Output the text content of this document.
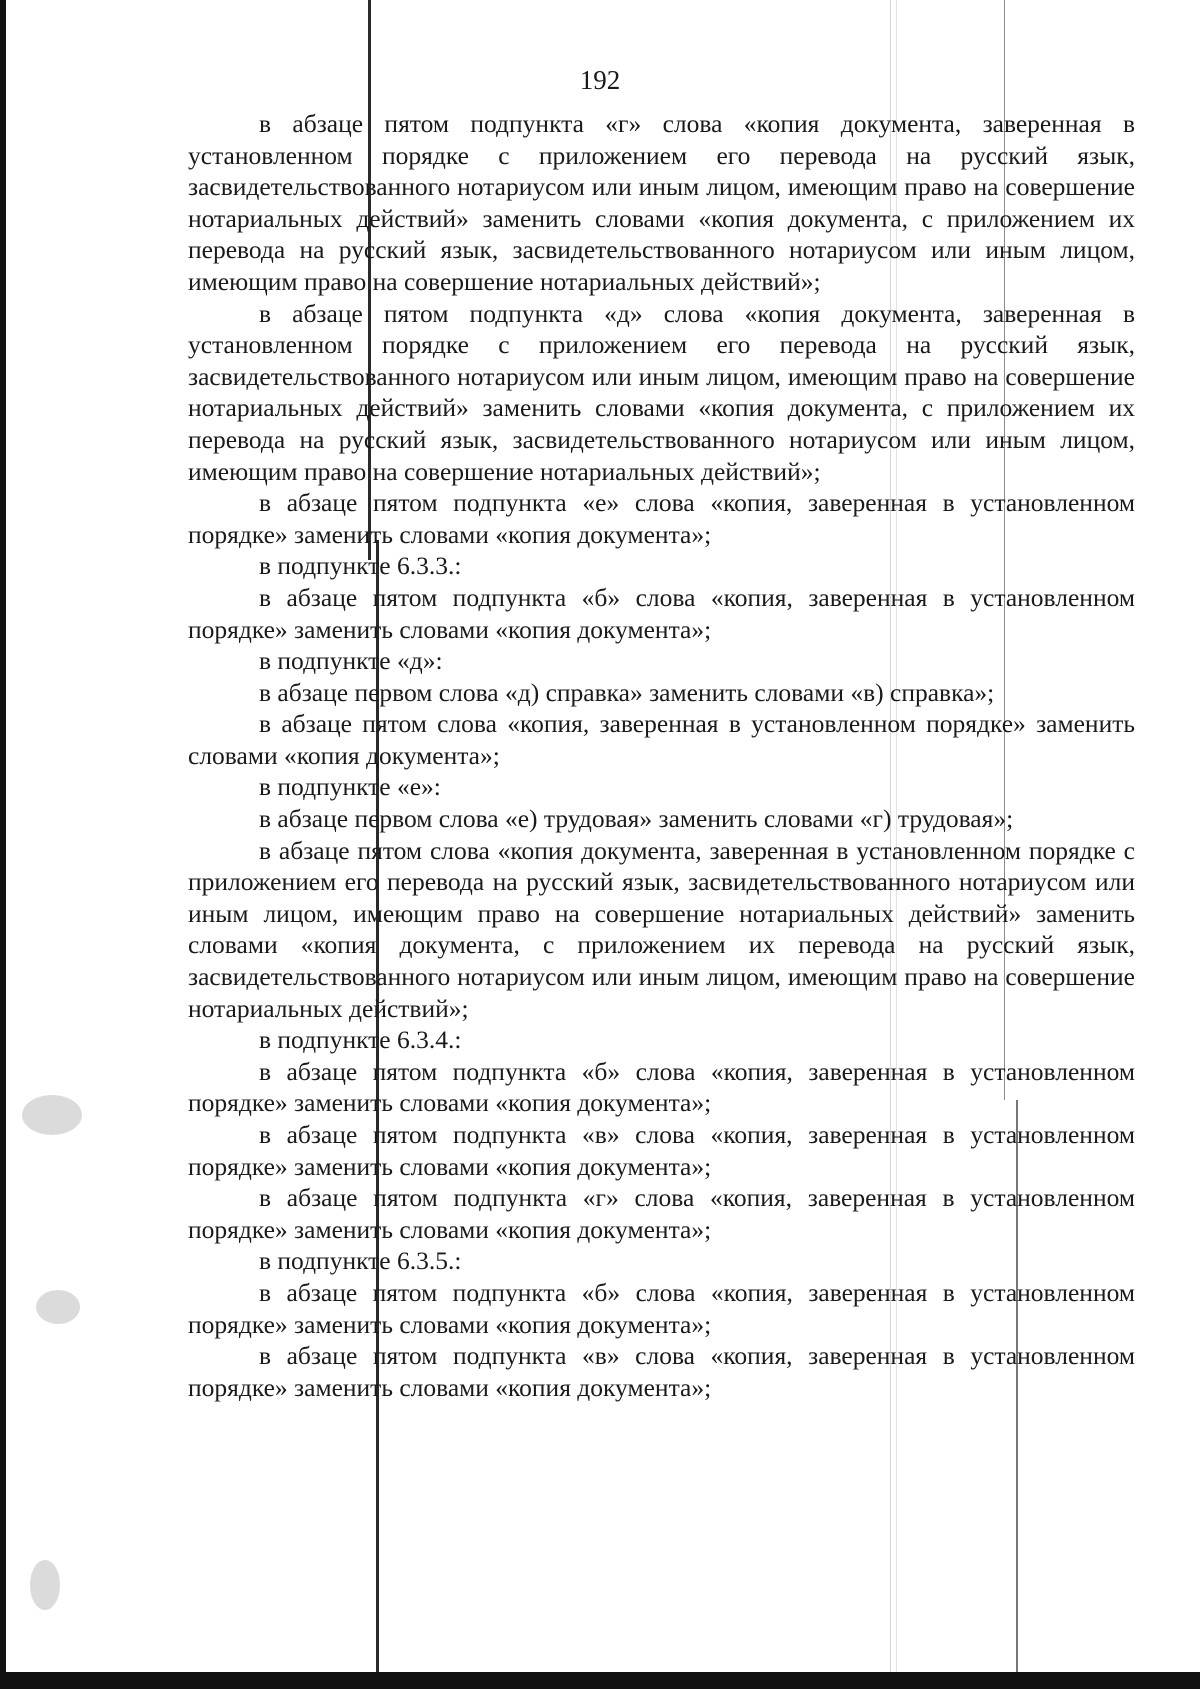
192

в абзаце пятом подпункта «г» слова «копия документа, заверенная в установленном порядке с приложением его перевода на русский язык, засвидетельствованного нотариусом или иным лицом, имеющим право на совершение нотариальных действий» заменить словами «копия документа, с приложением их перевода на русский язык, засвидетельствованного нотариусом или иным лицом, имеющим право на совершение нотариальных действий»;

в абзаце пятом подпункта «д» слова «копия документа, заверенная в установленном порядке с приложением его перевода на русский язык, засвидетельствованного нотариусом или иным лицом, имеющим право на совершение нотариальных действий» заменить словами «копия документа, с приложением их перевода на русский язык, засвидетельствованного нотариусом или иным лицом, имеющим право на совершение нотариальных действий»;

в абзаце пятом подпункта «е» слова «копия, заверенная в установленном порядке» заменить словами «копия документа»;

в подпункте 6.3.3.:

в абзаце пятом подпункта «б» слова «копия, заверенная в установленном порядке» заменить словами «копия документа»;

в подпункте «д»:

в абзаце первом слова «д) справка» заменить словами «в) справка»;

в абзаце пятом слова «копия, заверенная в установленном порядке» заменить словами «копия документа»;

в подпункте «е»:

в абзаце первом слова «е) трудовая» заменить словами «г) трудовая»;

в абзаце пятом слова «копия документа, заверенная в установленном порядке с приложением его перевода на русский язык, засвидетельствованного нотариусом или иным лицом, имеющим право на совершение нотариальных действий» заменить словами «копия документа, с приложением их перевода на русский язык, засвидетельствованного нотариусом или иным лицом, имеющим право на совершение нотариальных действий»;

в подпункте 6.3.4.:

в абзаце пятом подпункта «б» слова «копия, заверенная в установленном порядке» заменить словами «копия документа»;

в абзаце пятом подпункта «в» слова «копия, заверенная в установленном порядке» заменить словами «копия документа»;

в абзаце пятом подпункта «г» слова «копия, заверенная в установленном порядке» заменить словами «копия документа»;

в подпункте 6.3.5.:

в абзаце пятом подпункта «б» слова «копия, заверенная в установленном порядке» заменить словами «копия документа»;

в абзаце пятом подпункта «в» слова «копия, заверенная в установленном порядке» заменить словами «копия документа»;
